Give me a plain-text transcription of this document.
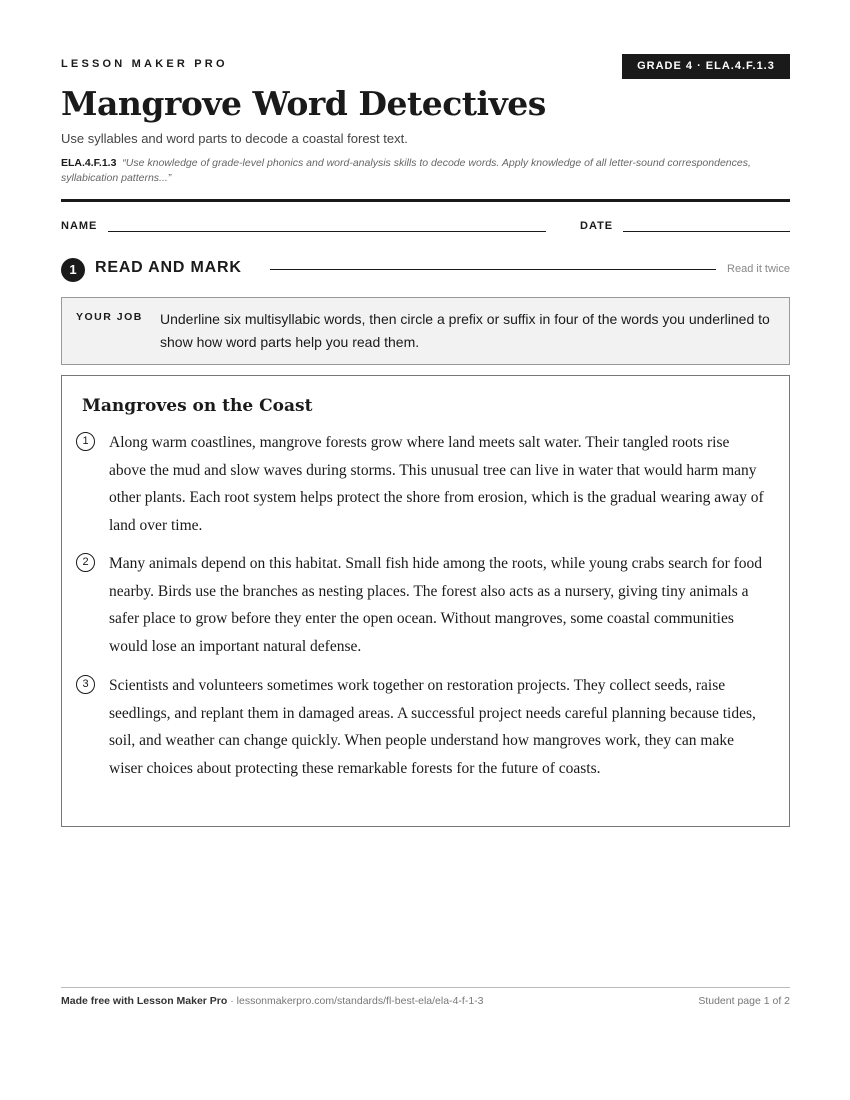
LESSON MAKER PRO	GRADE 4 · ELA.4.F.1.3
Mangrove Word Detectives
Use syllables and word parts to decode a coastal forest text.
ELA.4.F.1.3 “Use knowledge of grade-level phonics and word-analysis skills to decode words. Apply knowledge of all letter-sound correspondences, syllabication patterns...”
NAME	DATE
1	READ AND MARK	Read it twice
YOUR JOB Underline six multisyllabic words, then circle a prefix or suffix in four of the words you underlined to show how word parts help you read them.
Mangroves on the Coast
1	Along warm coastlines, mangrove forests grow where land meets salt water. Their tangled roots rise above the mud and slow waves during storms. This unusual tree can live in water that would harm many other plants. Each root system helps protect the shore from erosion, which is the gradual wearing away of land over time.
2	Many animals depend on this habitat. Small fish hide among the roots, while young crabs search for food nearby. Birds use the branches as nesting places. The forest also acts as a nursery, giving tiny animals a safer place to grow before they enter the open ocean. Without mangroves, some coastal communities would lose an important natural defense.
3	Scientists and volunteers sometimes work together on restoration projects. They collect seeds, raise seedlings, and replant them in damaged areas. A successful project needs careful planning because tides, soil, and weather can change quickly. When people understand how mangroves work, they can make wiser choices about protecting these remarkable forests for the future of coasts.
Made free with Lesson Maker Pro · lessonmakerpro.com/standards/fl-best-ela/ela-4-f-1-3	Student page 1 of 2
